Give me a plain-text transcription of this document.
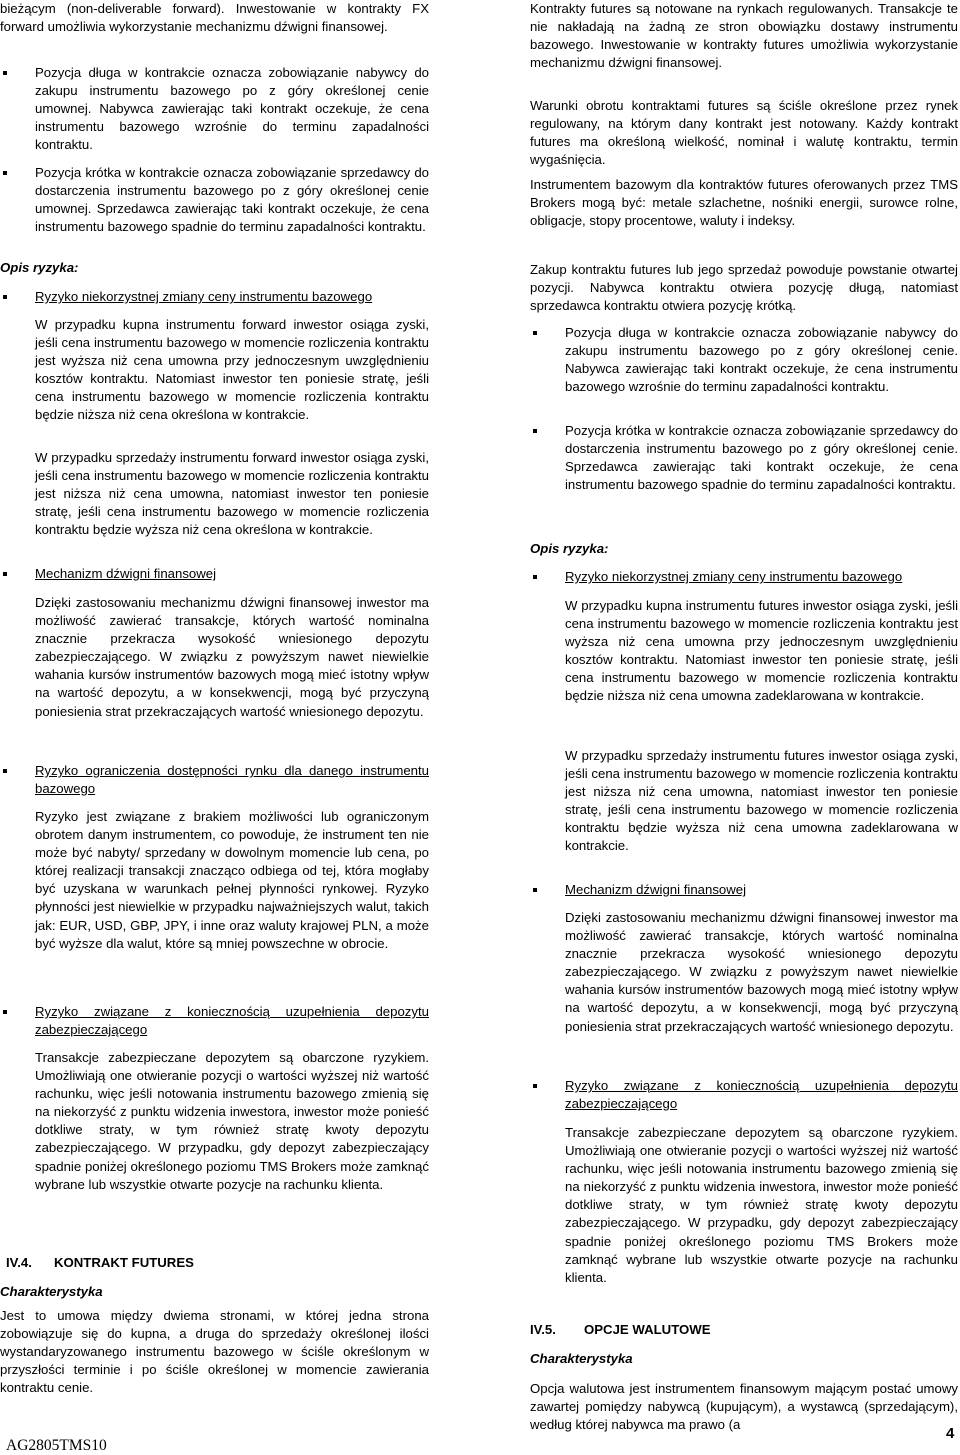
bieżącym (non-deliverable forward). Inwestowanie w kontrakty FX forward umożliwia wykorzystanie mechanizmu dźwigni finansowej.

Pozycja długa w kontrakcie oznacza zobowiązanie nabywcy do zakupu instrumentu bazowego po z góry określonej cenie umownej. Nabywca zawierając taki kontrakt oczekuje, że cena instrumentu bazowego wzrośnie do terminu zapadalności kontraktu.

Pozycja krótka w kontrakcie oznacza zobowiązanie sprzedawcy do dostarczenia instrumentu bazowego po z góry określonej cenie umownej. Sprzedawca zawierając taki kontrakt oczekuje, że cena instrumentu bazowego spadnie do terminu zapadalności kontraktu.

Opis ryzyka:

Ryzyko niekorzystnej zmiany ceny instrumentu bazowego

W przypadku kupna instrumentu forward inwestor osiąga zyski, jeśli cena instrumentu bazowego w momencie rozliczenia kontraktu jest wyższa niż cena umowna przy jednoczesnym uwzględnieniu kosztów kontraktu. Natomiast inwestor ten poniesie stratę, jeśli cena instrumentu bazowego w momencie rozliczenia kontraktu będzie niższa niż cena określona w kontrakcie.

W przypadku sprzedaży instrumentu forward inwestor osiąga zyski, jeśli cena instrumentu bazowego w momencie rozliczenia kontraktu jest niższa niż cena umowna, natomiast inwestor ten poniesie stratę, jeśli cena instrumentu bazowego w momencie rozliczenia kontraktu będzie wyższa niż cena określona w kontrakcie.

Mechanizm dźwigni finansowej

Dzięki zastosowaniu mechanizmu dźwigni finansowej inwestor ma możliwość zawierać transakcje, których wartość nominalna znacznie przekracza wysokość wniesionego depozytu zabezpieczającego. W związku z powyższym nawet niewielkie wahania kursów instrumentów bazowych mogą mieć istotny wpływ na wartość depozytu, a w konsekwencji, mogą być przyczyną poniesienia strat przekraczających wartość wniesionego depozytu.

Ryzyko ograniczenia dostępności rynku dla danego instrumentu bazowego

Ryzyko jest związane z brakiem możliwości lub ograniczonym obrotem danym instrumentem, co powoduje, że instrument ten nie może być nabyty/ sprzedany w dowolnym momencie lub cena, po której realizacji transakcji znacząco odbiega od tej, która mogłaby być uzyskana w warunkach pełnej płynności rynkowej. Ryzyko płynności jest niewielkie w przypadku najważniejszych walut, takich jak: EUR, USD, GBP, JPY, i inne oraz waluty krajowej PLN, a może być wyższe dla walut, które są mniej powszechne w obrocie.

Ryzyko związane z koniecznością uzupełnienia depozytu zabezpieczającego

Transakcje zabezpieczane depozytem są obarczone ryzykiem. Umożliwiają one otwieranie pozycji o wartości wyższej niż wartość rachunku, więc jeśli notowania instrumentu bazowego zmienią się na niekorzyść z punktu widzenia inwestora, inwestor może ponieść dotkliwe straty, w tym również stratę kwoty depozytu zabezpieczającego. W przypadku, gdy depozyt zabezpieczający spadnie poniżej określonego poziomu TMS Brokers może zamknąć wybrane lub wszystkie otwarte pozycje na rachunku klienta.

IV.4. KONTRAKT FUTURES

Charakterystyka

Jest to umowa między dwiema stronami, w której jedna strona zobowiązuje się do kupna, a druga do sprzedaży określonej ilości wystandaryzowanego instrumentu bazowego w ściśle określonym w przyszłości terminie i po ściśle określonej w momencie zawierania kontraktu cenie.

Kontrakty futures są notowane na rynkach regulowanych. Transakcje te nie nakładają na żadną ze stron obowiązku dostawy instrumentu bazowego. Inwestowanie w kontrakty futures umożliwia wykorzystanie mechanizmu dźwigni finansowej.

Warunki obrotu kontraktami futures są ściśle określone przez rynek regulowany, na którym dany kontrakt jest notowany. Każdy kontrakt futures ma określoną wielkość, nominał i walutę kontraktu, termin wygaśnięcia.

Instrumentem bazowym dla kontraktów futures oferowanych przez TMS Brokers mogą być: metale szlachetne, nośniki energii, surowce rolne, obligacje, stopy procentowe, waluty i indeksy.

Zakup kontraktu futures lub jego sprzedaż powoduje powstanie otwartej pozycji. Nabywca kontraktu otwiera pozycję długą, natomiast sprzedawca kontraktu otwiera pozycję krótką.

Pozycja długa w kontrakcie oznacza zobowiązanie nabywcy do zakupu instrumentu bazowego po z góry określonej cenie. Nabywca zawierając taki kontrakt oczekuje, że cena instrumentu bazowego wzrośnie do terminu zapadalności kontraktu.

Pozycja krótka w kontrakcie oznacza zobowiązanie sprzedawcy do dostarczenia instrumentu bazowego po z góry określonej cenie. Sprzedawca zawierając taki kontrakt oczekuje, że cena instrumentu bazowego spadnie do terminu zapadalności kontraktu.

Opis ryzyka:

Ryzyko niekorzystnej zmiany ceny instrumentu bazowego

W przypadku kupna instrumentu futures inwestor osiąga zyski, jeśli cena instrumentu bazowego w momencie rozliczenia kontraktu jest wyższa niż cena umowna przy jednoczesnym uwzględnieniu kosztów kontraktu. Natomiast inwestor ten poniesie stratę, jeśli cena instrumentu bazowego w momencie rozliczenia kontraktu będzie niższa niż cena umowna zadeklarowana w kontrakcie.

W przypadku sprzedaży instrumentu futures inwestor osiąga zyski, jeśli cena instrumentu bazowego w momencie rozliczenia kontraktu jest niższa niż cena umowna, natomiast inwestor ten poniesie stratę, jeśli cena instrumentu bazowego w momencie rozliczenia kontraktu będzie wyższa niż cena umowna zadeklarowana w kontrakcie.

Mechanizm dźwigni finansowej

Dzięki zastosowaniu mechanizmu dźwigni finansowej inwestor ma możliwość zawierać transakcje, których wartość nominalna znacznie przekracza wysokość wniesionego depozytu zabezpieczającego. W związku z powyższym nawet niewielkie wahania kursów instrumentów bazowych mogą mieć istotny wpływ na wartość depozytu, a w konsekwencji, mogą być przyczyną poniesienia strat przekraczających wartość wniesionego depozytu.

Ryzyko związane z koniecznością uzupełnienia depozytu zabezpieczającego

Transakcje zabezpieczane depozytem są obarczone ryzykiem. Umożliwiają one otwieranie pozycji o wartości wyższej niż wartość rachunku, więc jeśli notowania instrumentu bazowego zmienią się na niekorzyść z punktu widzenia inwestora, inwestor może ponieść dotkliwe straty, w tym również stratę kwoty depozytu zabezpieczającego. W przypadku, gdy depozyt zabezpieczający spadnie poniżej określonego poziomu TMS Brokers może zamknąć wybrane lub wszystkie otwarte pozycje na rachunku klienta.

IV.5. OPCJE WALUTOWE

Charakterystyka

Opcja walutowa jest instrumentem finansowym mającym postać umowy zawartej pomiędzy nabywcą (kupującym), a wystawcą (sprzedającym), według której nabywca ma prawo (a

AG2805TMS10
4
